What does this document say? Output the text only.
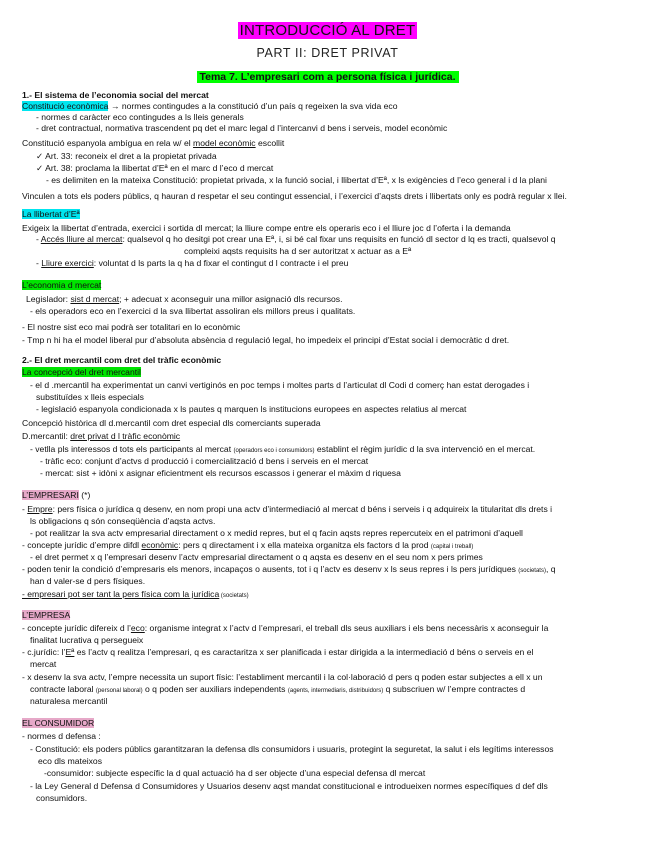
INTRODUCCIÓ AL DRET
PART II: DRET PRIVAT
Tema 7. L’empresari com a persona física i jurídica.
1.- El sistema de l’economia social del mercat
Constitució econòmica → normes contingudes a la constitució d’un país q regeixen la sva vida eco
- normes d caràcter eco contingudes a ls lleis generals
- dret contractual, normativa trascendent pq det el marc legal d l’intercanvi d bens i serveis, model econòmic
Constitució espanyola ambígua en rela w/ el model econòmic escollit
✓ Art. 33: reconeix el dret a la propietat privada
✓ Art. 38: proclama la llibertat d’Eª en el marc d l’eco d mercat
- es delimiten en la mateixa Constitució: propietat privada, x la funció social, i llibertat d’Eª, x ls exigències d l’eco general i d la plani
Vinculen a tots els poders públics, q hauran d respetar el seu contingut essencial, i l’exercici d’aqsts drets i llibertats only es podrà regular x llei.
La llibertat d’Eª
Exigeix la llibertat d’entrada, exercici i sortida dl mercat; la lliure compe entre els operaris eco i el lliure joc d l’oferta i la demanda
- Accés lliure al mercat: qualsevol q ho desitgi pot crear una Eª, i, si bé cal fixar uns requisits en funció dl sector d lq es tracti, qualsevol q
compleixi aqsts requisits ha d ser autoritzat x actuar as a Eª
- Lliure exercici: voluntat d ls parts la q ha d fixar el contingut d l contracte i el preu
L’economia d mercat
Legislador: sist d mercat; + adecuat x aconseguir una millor asignació dls recursos.
- els operadors eco en l’exercici d la sva llibertat assoliran els millors preus i qualitats.
- El nostre sist eco mai podrà ser totalitari en lo econòmic
- Tmp n hi ha el model liberal pur d’absoluta absència d regulació legal, ho impedeix el principi d’Estat social i democràtic d dret.
2.- El dret mercantil com dret del tràfic econòmic
La concepció del dret mercantil
- el d .mercantil ha experimentat un canvi vertiginós en poc temps i moltes parts d l’articulat dl Codi d comerç han estat derogades i
substituïdes x lleis especials
- legislació espanyola condicionada x ls pautes q marquen ls institucions europees en aspectes relatius al mercat
Concepció històrica dl d.mercantil com dret especial dls comerciants superada
D.mercantil: dret privat d l tràfic econòmic
- vetlla pls interessos d tots els participants al mercat (operadors eco i consumidors) establint el règim jurídic d la sva intervenció en el mercat.
- tràfic eco: conjunt d’actvs d producció i comercialització d bens i serveis en el mercat
- mercat: sist + idòni x asignar eficientment els recursos escassos i generar el màxim d riquesa
L’EMPRESARI (*)
- Empre: pers física o jurídica q desenv, en nom propi una actv d’intermediació al mercat d béns i serveis i q adquireix la titularitat dls drets i
ls obligacions q són conseqüència d’aqsta actvs.
- pot realitzar la sva actv empresarial directament o x medid repres, but el q facin aqsts repres repercuteix en el patrimoni d’aquell
- concepte jurídic d’empre difdl econòmic: pers q directament i x ella mateixa organitza els factors d la prod (capital i treball)
- el dret permet x q l’empresari desenv l’actv empresarial directament o q aqsta es desenv en el seu nom x pers primes
- poden tenir la condició d’empresaris els menors, incapaços o ausents, tot i q l’actv es desenv x ls seus repres i ls pers jurídiques (societats), q
han d valer-se d pers físiques.
- empresari pot ser tant la pers física com la jurídica (societats)
L’EMPRESA
- concepte jurídic difereix d l’eco: organisme integrat x l’actv d l’empresari, el treball dls seus auxiliars i els bens necessàris x aconseguir la
finalitat lucrativa q persegueix
- c.jurídic: l’Eª es l’actv q realitza l’empresari, q es caractaritza x ser planificada i estar dirigida a la intermediació d béns o serveis en el
mercat
- x desenv la sva actv, l’empre necessita un suport físic: l’establiment mercantil i la col·laboració d pers q poden estar subjectes a ell x un
contracte laboral (personal laboral) o q poden ser auxiliars independents (agents, intermediaris, distribuidors) q subscriuen w/ l’empre contractes d
naturalesa mercantil
EL CONSUMIDOR
- normes d defensa :
- Constitució: els poders públics garantitzaran la defensa dls consumidors i usuaris, protegint la seguretat, la salut i els legítims interessos
eco dls mateixos
-consumidor: subjecte específic la d qual actuació ha d ser objecte d’una especial defensa dl mercat
- la Ley General d Defensa d Consumidores y Usuarios desenv aqst mandat constitucional e introdueixen normes específiques d def dls
consumidors.
